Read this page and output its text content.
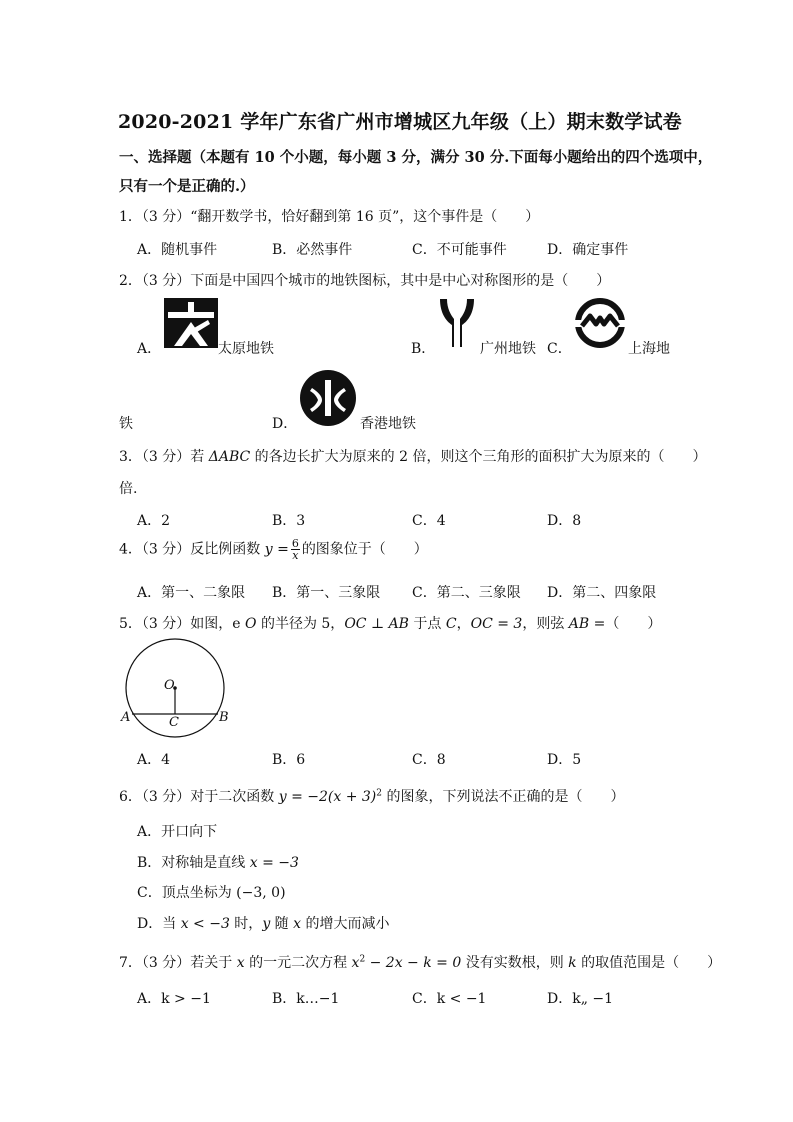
2020-2021 学年广东省广州市增城区九年级（上）期末数学试卷
一、选择题（本题有 10 个小题，每小题 3 分，满分 30 分.下面每小题给出的四个选项中，
只有一个是正确的.）
1．（3 分）“翻开数学书，恰好翻到第 16 页”，这个事件是（　　）
A．随机事件	B．必然事件	C．不可能事件	D．确定事件
2．（3 分）下面是中国四个城市的地铁图标，其中是中心对称图形的是（　　）
A．	太原地铁	B．	广州地铁 C．	上海地
铁	D．	香港地铁
3．（3 分）若 ΔABC 的各边长扩大为原来的 2 倍，则这个三角形的面积扩大为原来的（　　）
倍.
A．2	B．3	C．4	D．8
4．（3 分）反比例函数 $y = \frac{6}{x}$ 的图象位于（　　）
A．第一、二象限 B．第一、三象限 C．第二、三象限 D．第二、四象限
5．（3 分）如图，e O 的半径为 5，OC ⊥ AB 于点 C，OC = 3，则弦 AB =（　　）
O
A	B
C
A．4	B．6	C．8	D．5
6．（3 分）对于二次函数 $y = -2(x + 3)^2$ 的图象，下列说法不正确的是（　　）
A．开口向下
B．对称轴是直线 x = −3
C．顶点坐标为 (−3, 0)
D．当 x < −3 时，y 随 x 的增大而减小
7．（3 分）若关于 x 的一元二次方程 $x^2 - 2x - k = 0$ 没有实数根，则 k 的取值范围是（　　）
A．k > −1	B．k…−1	C．k < −1	D．k„ −1
